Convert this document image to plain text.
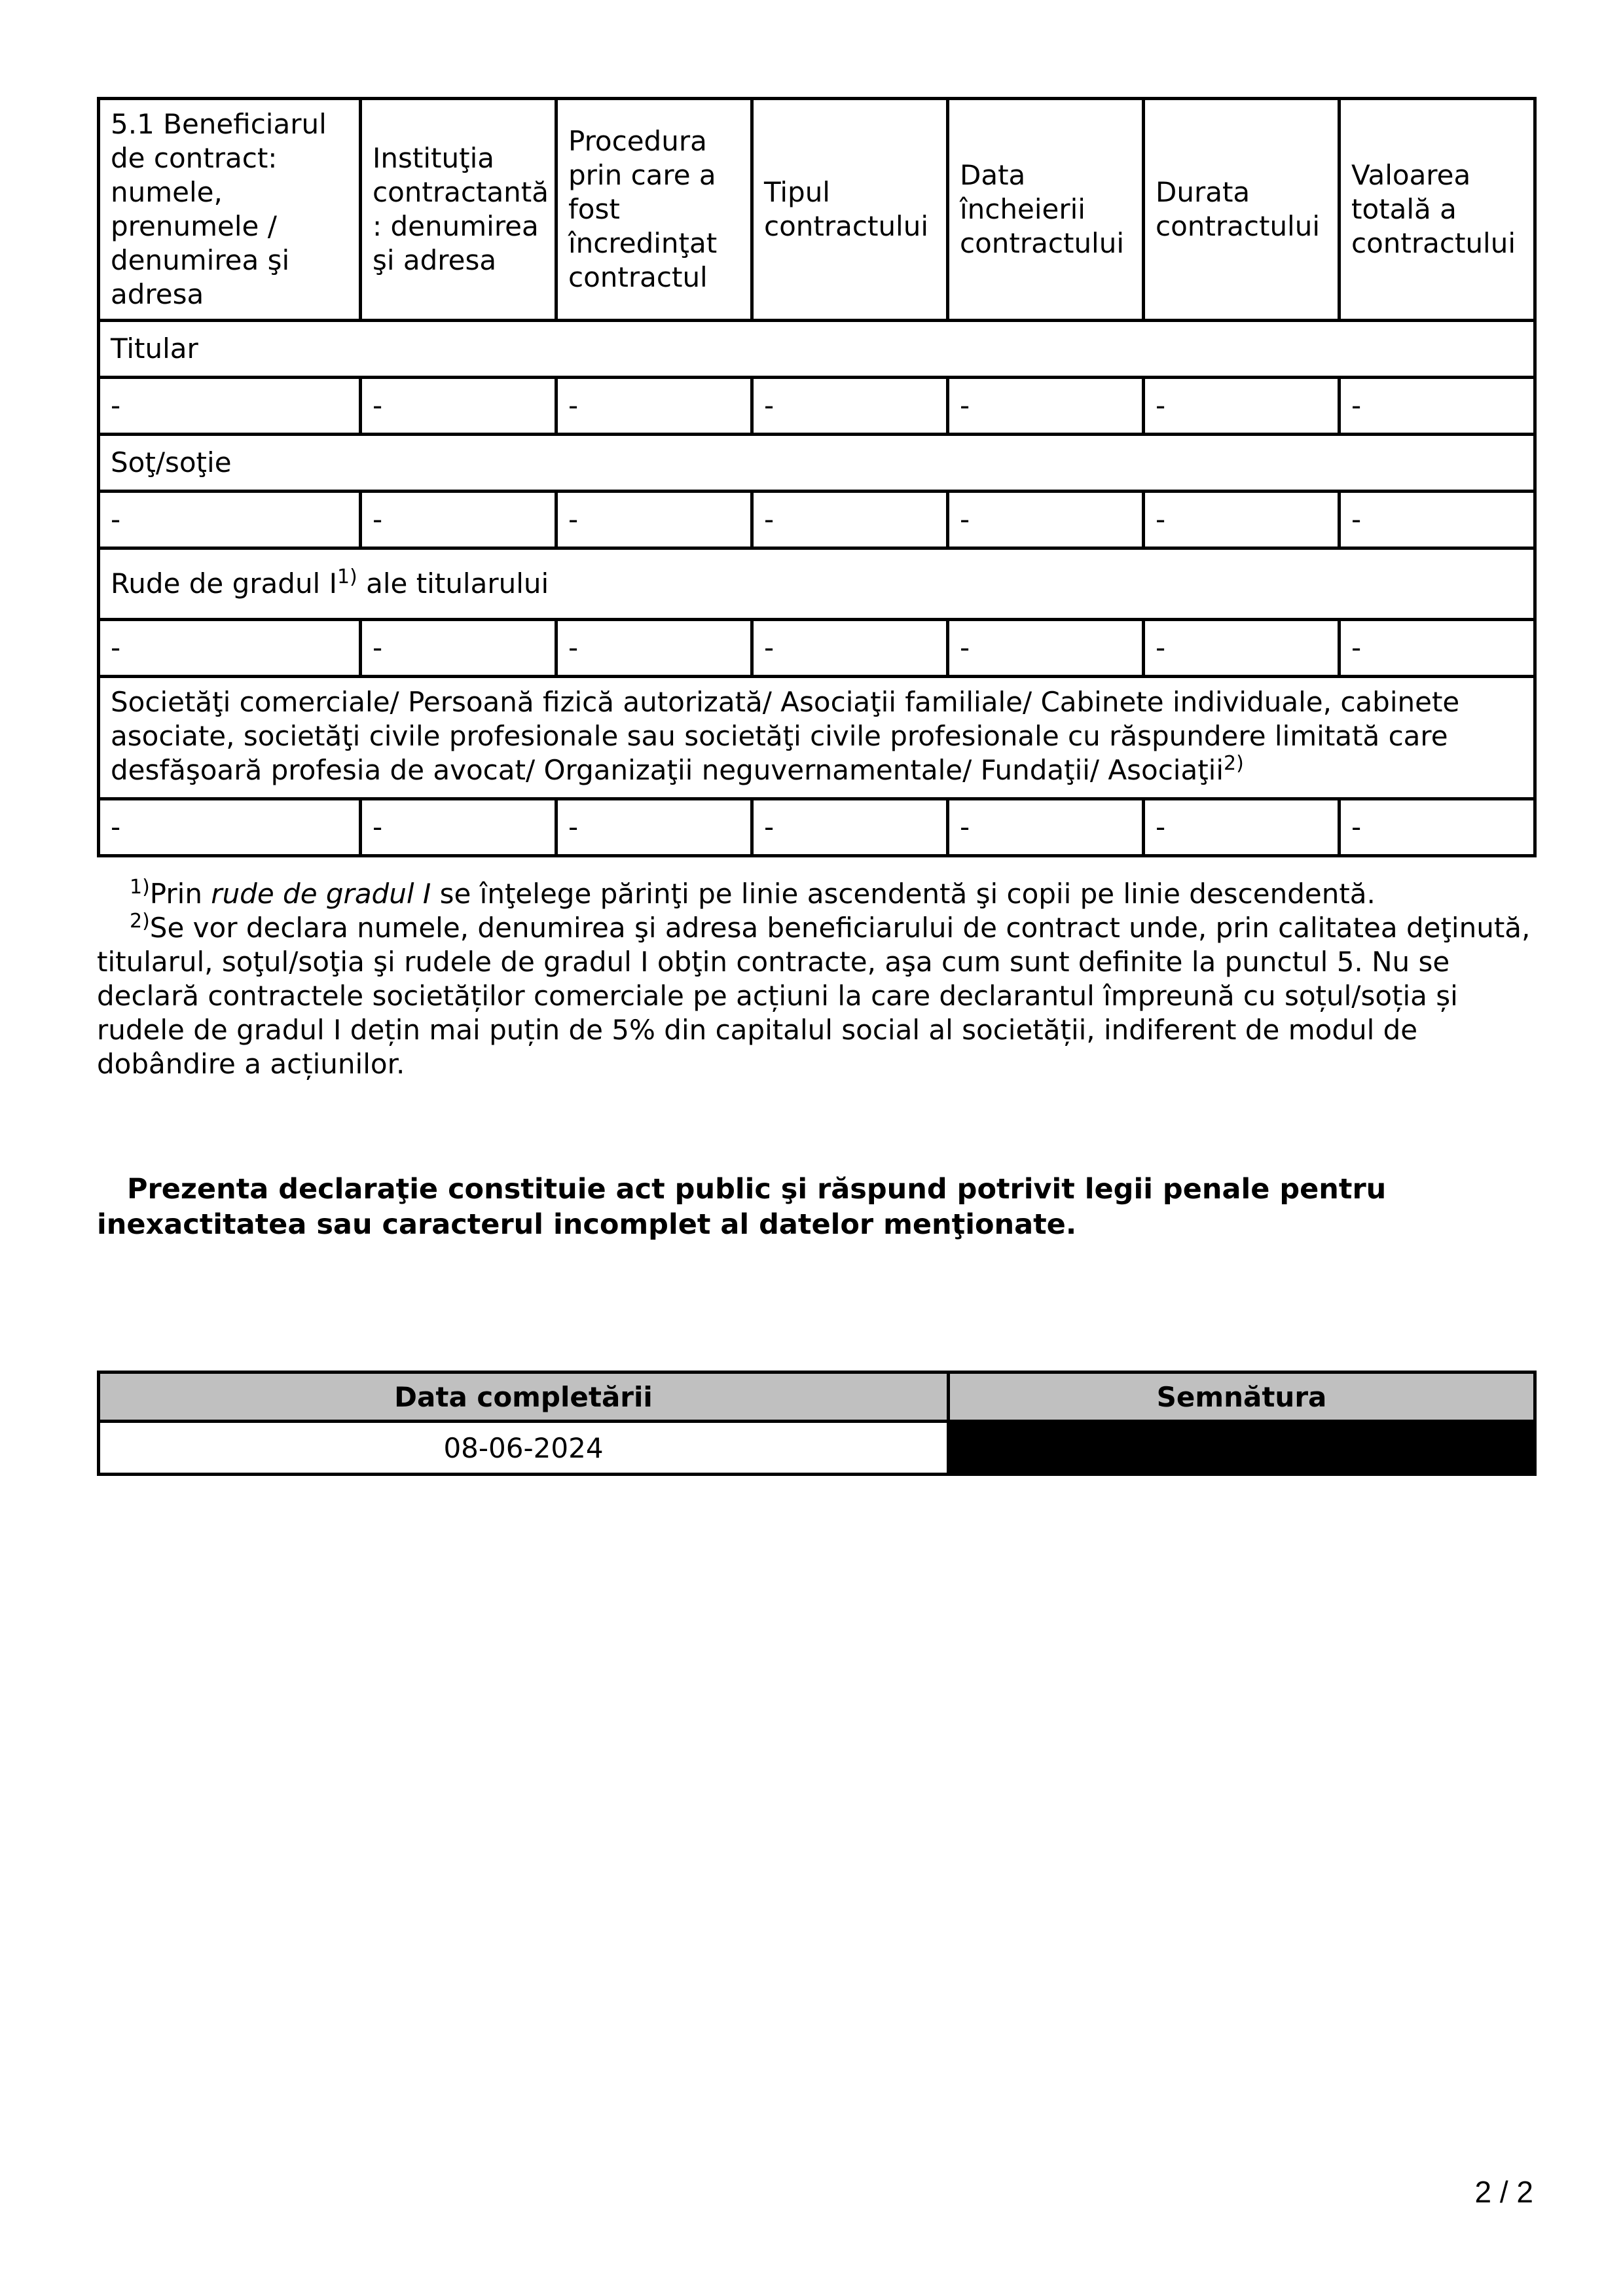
5.1 Beneficiarul de contract: numele, prenumele / denumirea şi adresa	Instituţia contractantă : denumirea şi adresa	Procedura prin care a fost încredinţat contractul	Tipul contractului	Data încheierii contractului	Durata contractului	Valoarea totală a contractului
Titular						
-	-	-	-	-	-	-
Soţ/soţie						
-	-	-	-	-	-	-
Rude de gradul I$^{1)}$ ale titularului						
-	-	-	-	-	-	-
Societăţi comerciale/ Persoană fizică autorizată/ Asociaţii familiale/ Cabinete individuale, cabinete asociate, societăţi civile profesionale sau societăţi civile profesionale cu răspundere limitată care desfăşoară profesia de avocat/ Organizaţii neguvernamentale/ Fundaţii/ Asociaţii$^{2)}$
-	-	-	-	-	-	-

$^{1)}$Prin rude de gradul I se înţelege părinţi pe linie ascendentă şi copii pe linie descendentă.

$^{2)}$Se vor declara numele, denumirea şi adresa beneficiarului de contract unde, prin calitatea deţinută, titularul, soţul/soţia şi rudele de gradul I obţin contracte, aşa cum sunt definite la punctul 5. Nu se declară contractele societăților comerciale pe acțiuni la care declarantul împreună cu soțul/soția și rudele de gradul I dețin mai puțin de 5% din capitalul social al societății, indiferent de modul de dobândire a acțiunilor.

Prezenta declaraţie constituie act public şi răspund potrivit legii penale pentru inexactitatea sau caracterul incomplet al datelor menţionate.

Data completării	Semnătura
08-06-2024	
2 / 2
